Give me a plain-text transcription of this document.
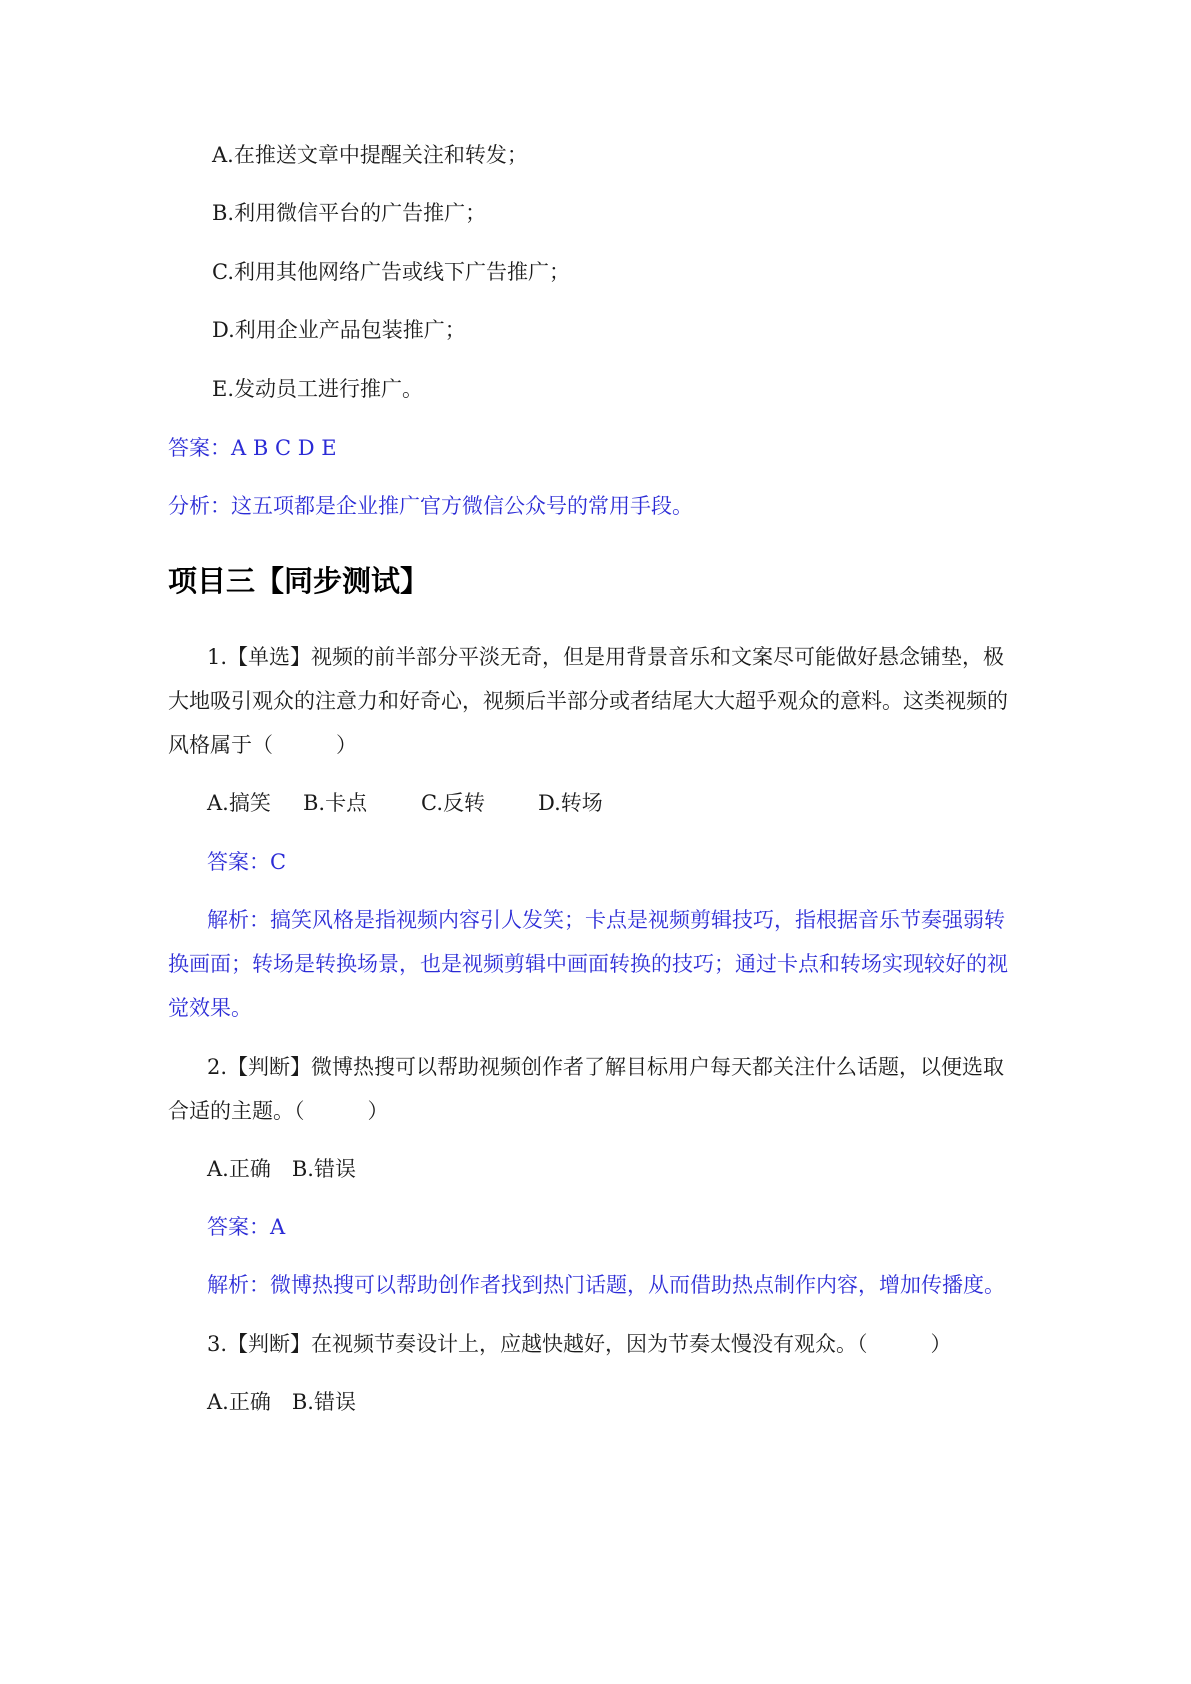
A.在推送文章中提醒关注和转发；
B.利用微信平台的广告推广；
C.利用其他网络广告或线下广告推广；
D.利用企业产品包装推广；
E.发动员工进行推广。
答案：A B C D E
分析：这五项都是企业推广官方微信公众号的常用手段。
项目三【同步测试】
1.【单选】视频的前半部分平淡无奇，但是用背景音乐和文案尽可能做好悬念铺垫，极
大地吸引观众的注意力和好奇心，视频后半部分或者结尾大大超乎观众的意料。这类视频的
风格属于（　　　）
A.搞笑 B.卡点	C.反转	D.转场
答案：C
解析：搞笑风格是指视频内容引人发笑；卡点是视频剪辑技巧，指根据音乐节奏强弱转
换画面；转场是转换场景，也是视频剪辑中画面转换的技巧；通过卡点和转场实现较好的视
觉效果。
2.【判断】微博热搜可以帮助视频创作者了解目标用户每天都关注什么话题，以便选取
合适的主题。（　　　）
A.正确　B.错误
答案：A
解析：微博热搜可以帮助创作者找到热门话题，从而借助热点制作内容，增加传播度。
3.【判断】在视频节奏设计上，应越快越好，因为节奏太慢没有观众。（　　　）
A.正确　B.错误
